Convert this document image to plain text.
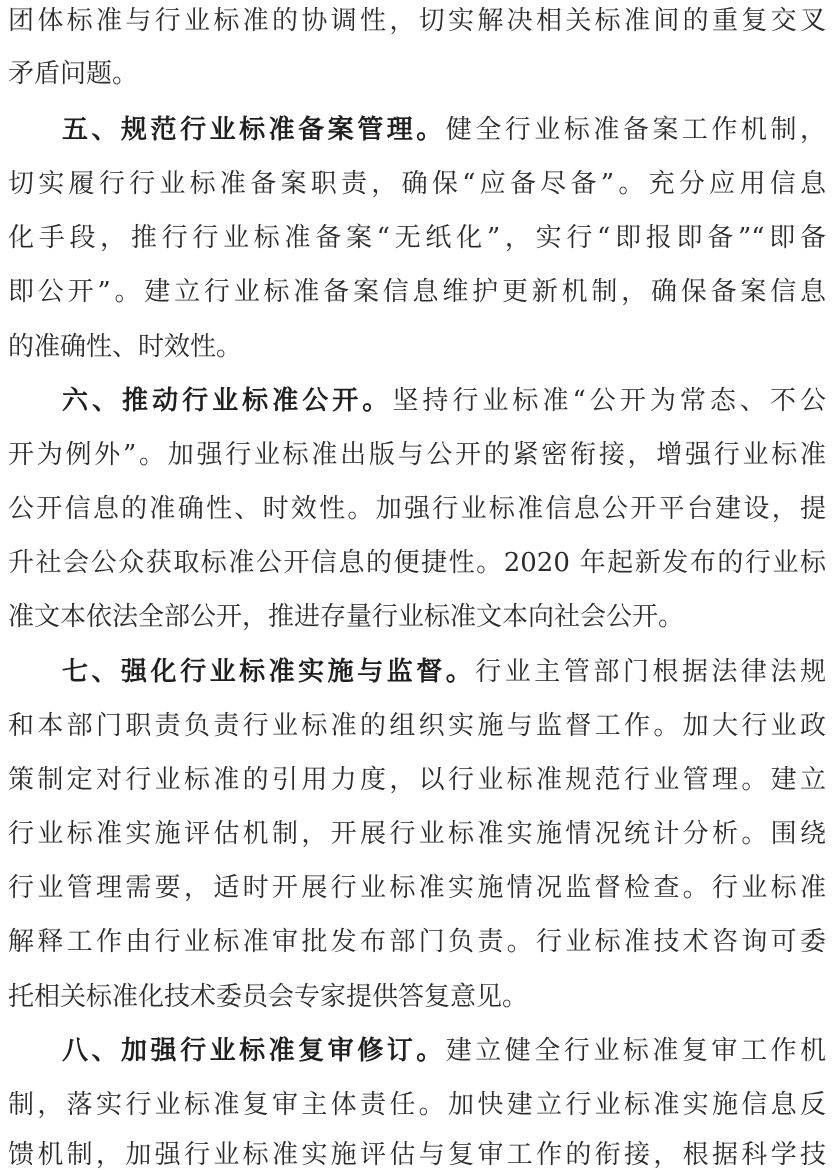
团体标准与行业标准的协调性，切实解决相关标准间的重复交叉
矛盾问题。
五、规范行业标准备案管理。健全行业标准备案工作机制，
切实履行行业标准备案职责，确保“应备尽备”。充分应用信息
化手段，推行行业标准备案“无纸化”，实行“即报即备”“即备
即公开”。建立行业标准备案信息维护更新机制，确保备案信息
的准确性、时效性。
六、推动行业标准公开。坚持行业标准“公开为常态、不公
开为例外”。加强行业标准出版与公开的紧密衔接，增强行业标准
公开信息的准确性、时效性。加强行业标准信息公开平台建设，提
升社会公众获取标准公开信息的便捷性。2020 年起新发布的行业标
准文本依法全部公开，推进存量行业标准文本向社会公开。
七、强化行业标准实施与监督。行业主管部门根据法律法规
和本部门职责负责行业标准的组织实施与监督工作。加大行业政
策制定对行业标准的引用力度，以行业标准规范行业管理。建立
行业标准实施评估机制，开展行业标准实施情况统计分析。围绕
行业管理需要，适时开展行业标准实施情况监督检查。行业标准
解释工作由行业标准审批发布部门负责。行业标准技术咨询可委
托相关标准化技术委员会专家提供答复意见。
八、加强行业标准复审修订。建立健全行业标准复审工作机
制，落实行业标准复审主体责任。加快建立行业标准实施信息反
馈机制，加强行业标准实施评估与复审工作的衔接，根据科学技
